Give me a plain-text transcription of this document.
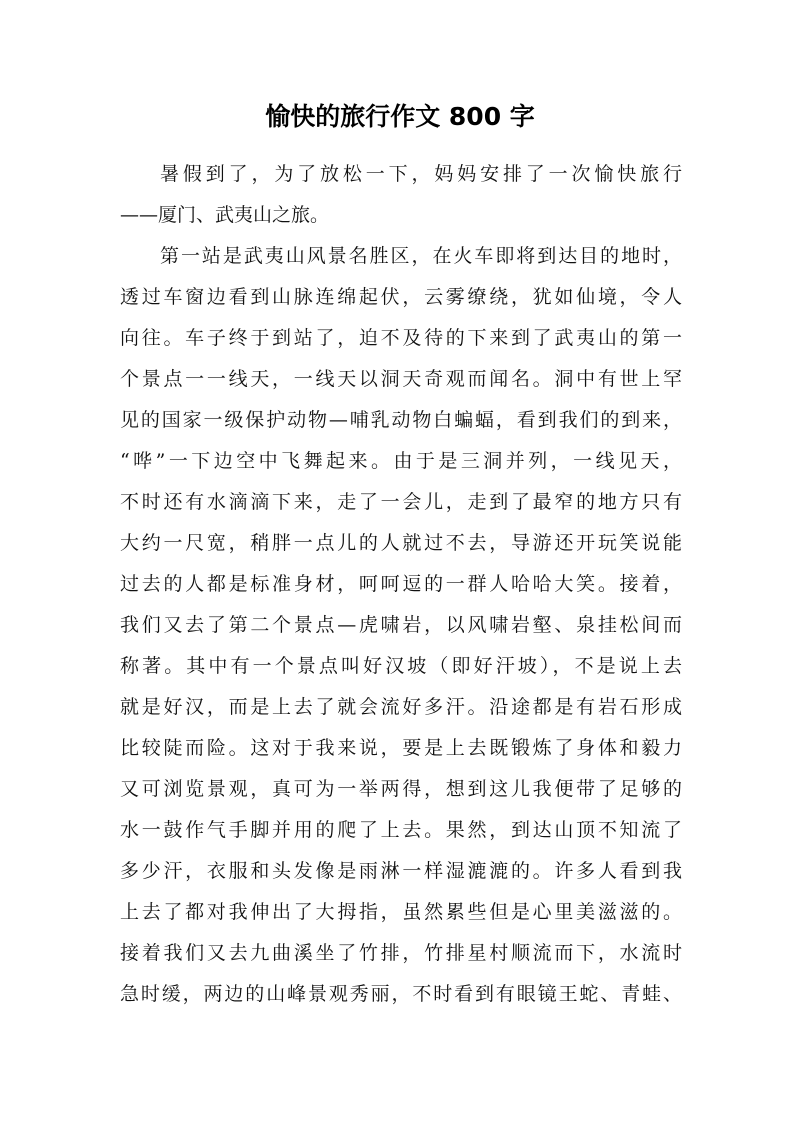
愉快的旅行作文 800 字
暑假到了，为了放松一下，妈妈安排了一次愉快旅行
——厦门、武夷山之旅。
第一站是武夷山风景名胜区，在火车即将到达目的地时，
透过车窗边看到山脉连绵起伏，云雾缭绕，犹如仙境，令人
向往。车子终于到站了，迫不及待的下来到了武夷山的第一
个景点一一线天，一线天以洞天奇观而闻名。洞中有世上罕
见的国家一级保护动物—哺乳动物白蝙蝠，看到我们的到来，
“哗”一下边空中飞舞起来。由于是三洞并列，一线见天，
不时还有水滴滴下来，走了一会儿，走到了最窄的地方只有
大约一尺宽，稍胖一点儿的人就过不去，导游还开玩笑说能
过去的人都是标准身材，呵呵逗的一群人哈哈大笑。接着，
我们又去了第二个景点—虎啸岩，以风啸岩壑、泉挂松间而
称著。其中有一个景点叫好汉坡（即好汗坡），不是说上去
就是好汉，而是上去了就会流好多汗。沿途都是有岩石形成
比较陡而险。这对于我来说，要是上去既锻炼了身体和毅力
又可浏览景观，真可为一举两得，想到这儿我便带了足够的
水一鼓作气手脚并用的爬了上去。果然，到达山顶不知流了
多少汗，衣服和头发像是雨淋一样湿漉漉的。许多人看到我
上去了都对我伸出了大拇指，虽然累些但是心里美滋滋的。
接着我们又去九曲溪坐了竹排，竹排星村顺流而下，水流时
急时缓，两边的山峰景观秀丽，不时看到有眼镜王蛇、青蛙、
